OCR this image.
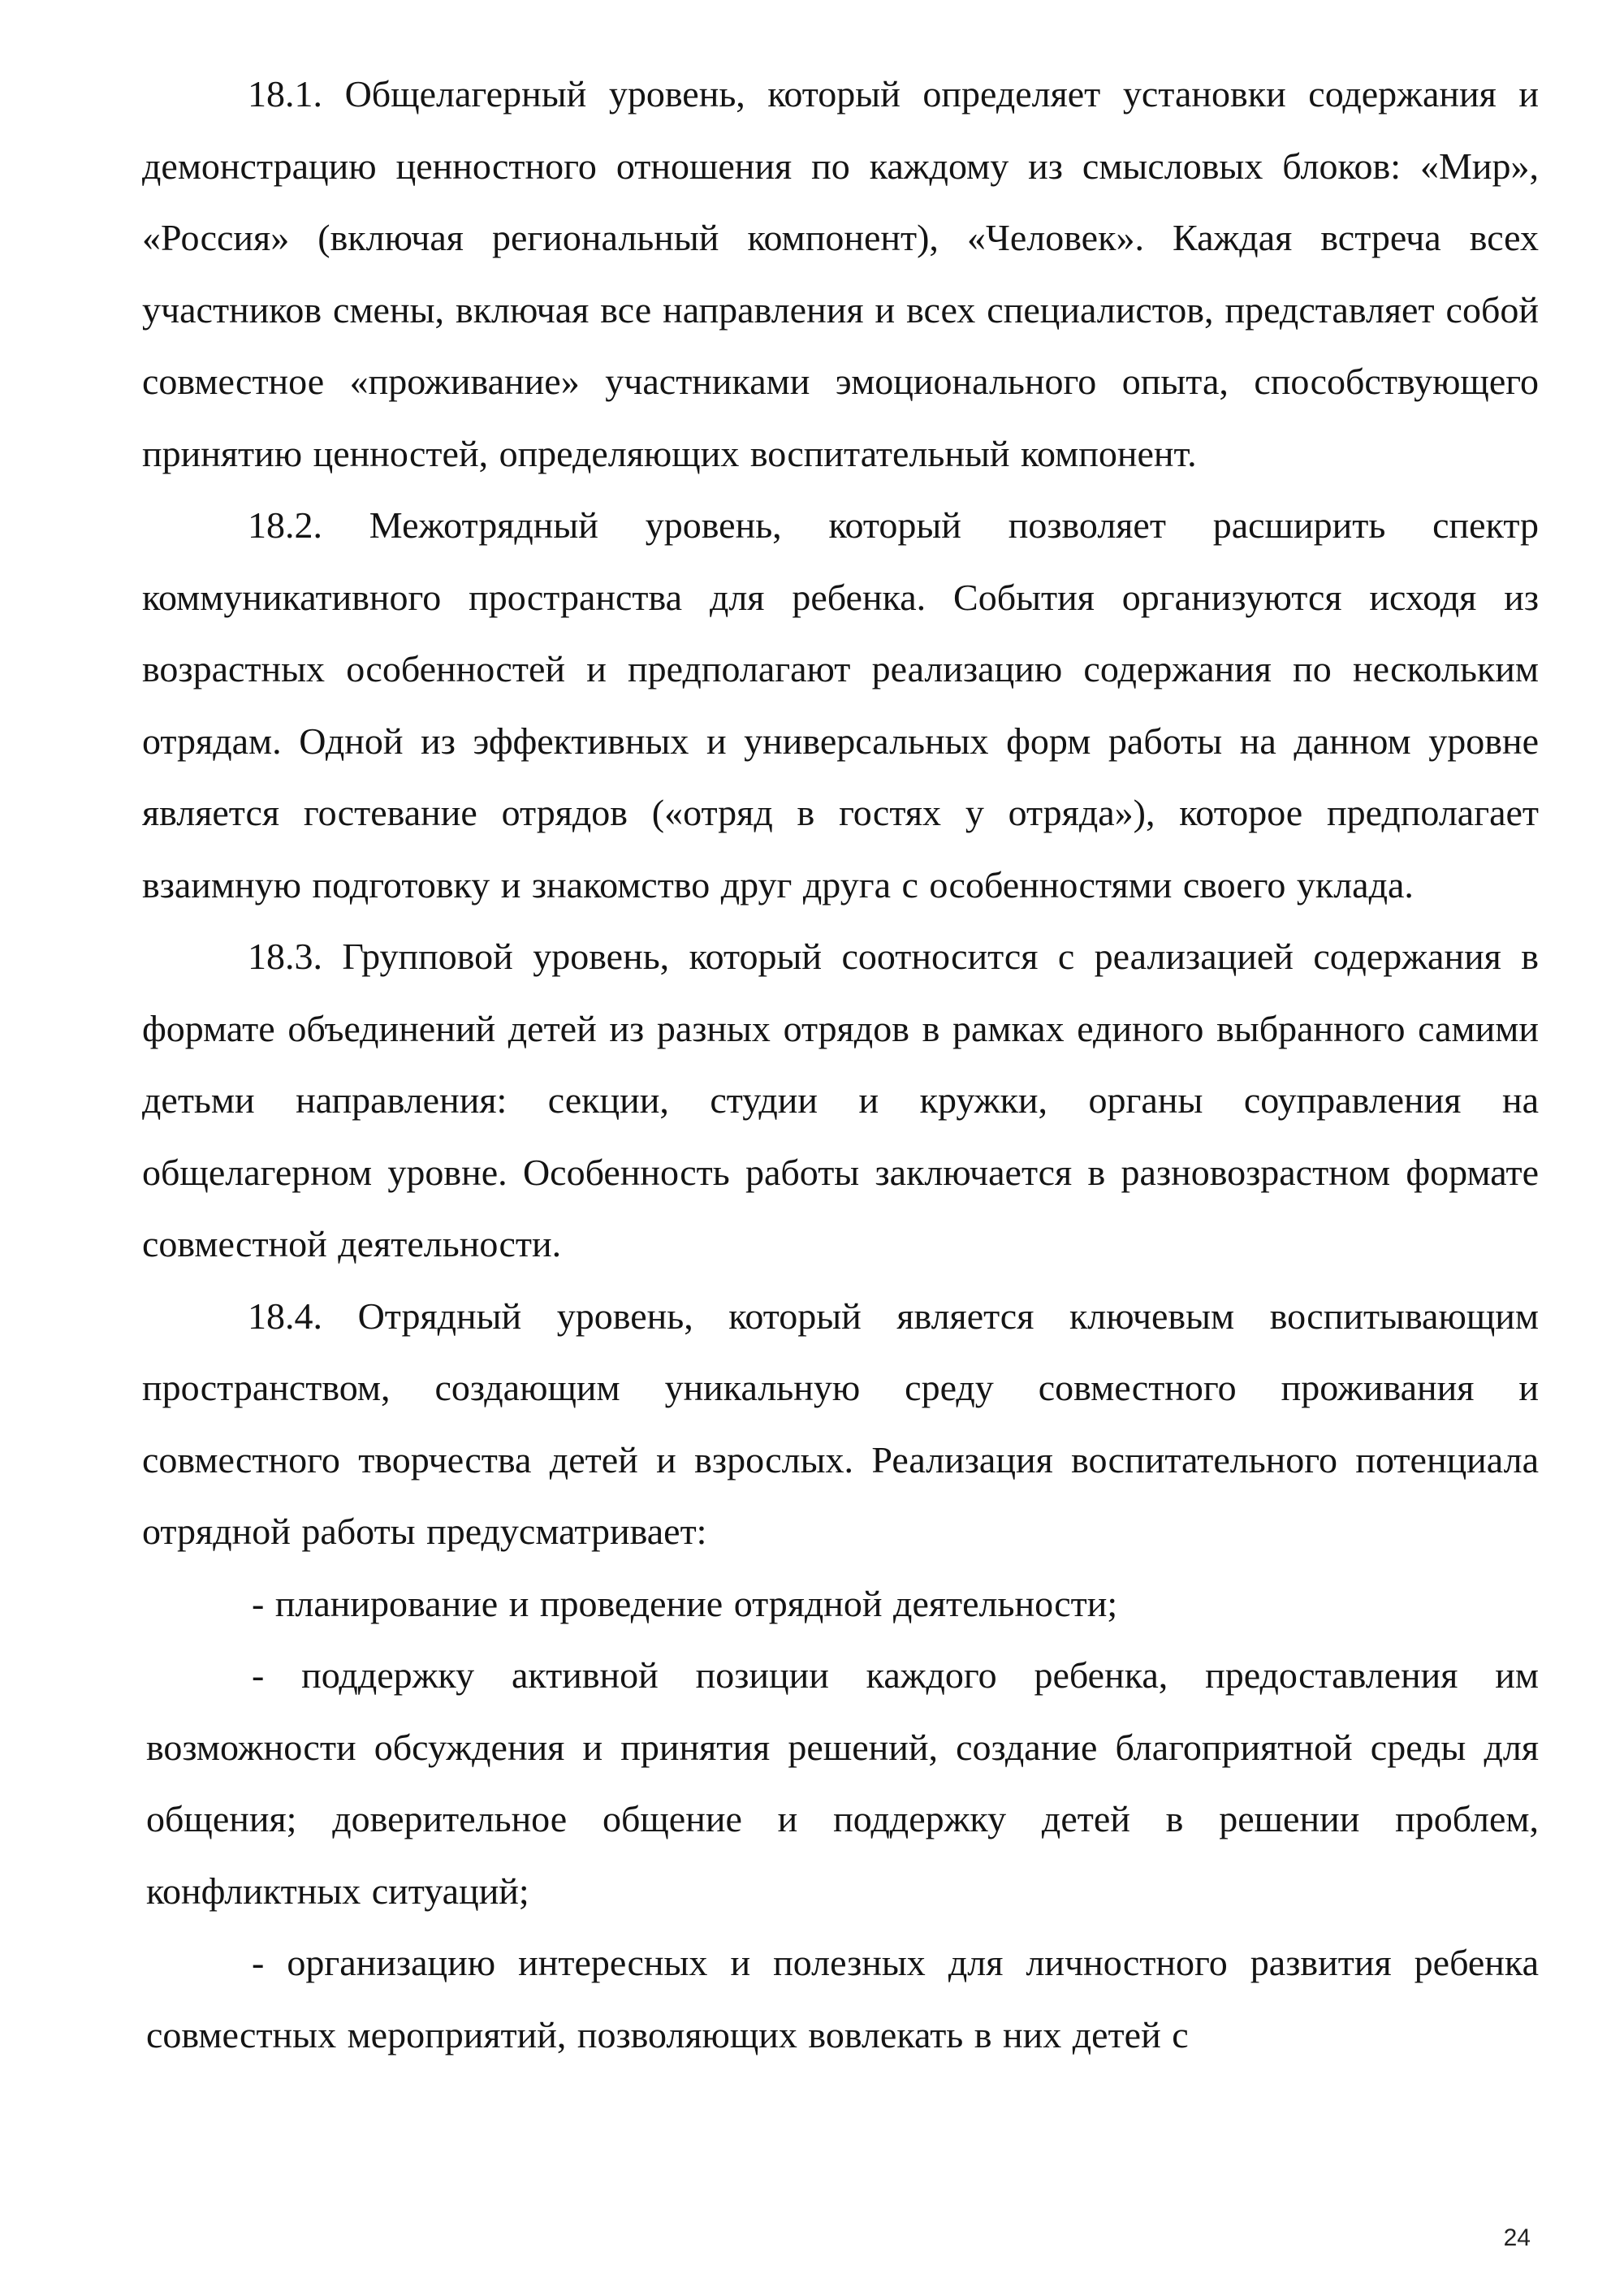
18.1. Общелагерный уровень, который определяет установки содержания и демонстрацию ценностного отношения по каждому из смысловых блоков: «Мир», «Россия» (включая региональный компонент), «Человек». Каждая встреча всех участников смены, включая все направления и всех специалистов, представляет собой совместное «проживание» участниками эмоционального опыта, способствующего принятию ценностей, определяющих воспитательный компонент.

18.2. Межотрядный уровень, который позволяет расширить спектр коммуникативного пространства для ребенка. События организуются исходя из возрастных особенностей и предполагают реализацию содержания по нескольким отрядам. Одной из эффективных и универсальных форм работы на данном уровне является гостевание отрядов («отряд в гостях у отряда»), которое предполагает взаимную подготовку и знакомство друг друга с особенностями своего уклада.

18.3. Групповой уровень, который соотносится с реализацией содержания в формате объединений детей из разных отрядов в рамках единого выбранного самими детьми направления: секции, студии и кружки, органы соуправления на общелагерном уровне. Особенность работы заключается в разновозрастном формате совместной деятельности.

18.4. Отрядный уровень, который является ключевым воспитывающим пространством, создающим уникальную среду совместного проживания и совместного творчества детей и взрослых. Реализация воспитательного потенциала отрядной работы предусматривает:

- планирование и проведение отрядной деятельности;

- поддержку активной позиции каждого ребенка, предоставления им возможности обсуждения и принятия решений, создание благоприятной среды для общения; доверительное общение и поддержку детей в решении проблем, конфликтных ситуаций;

- организацию интересных и полезных для личностного развития ребенка совместных мероприятий, позволяющих вовлекать в них детей с

24
